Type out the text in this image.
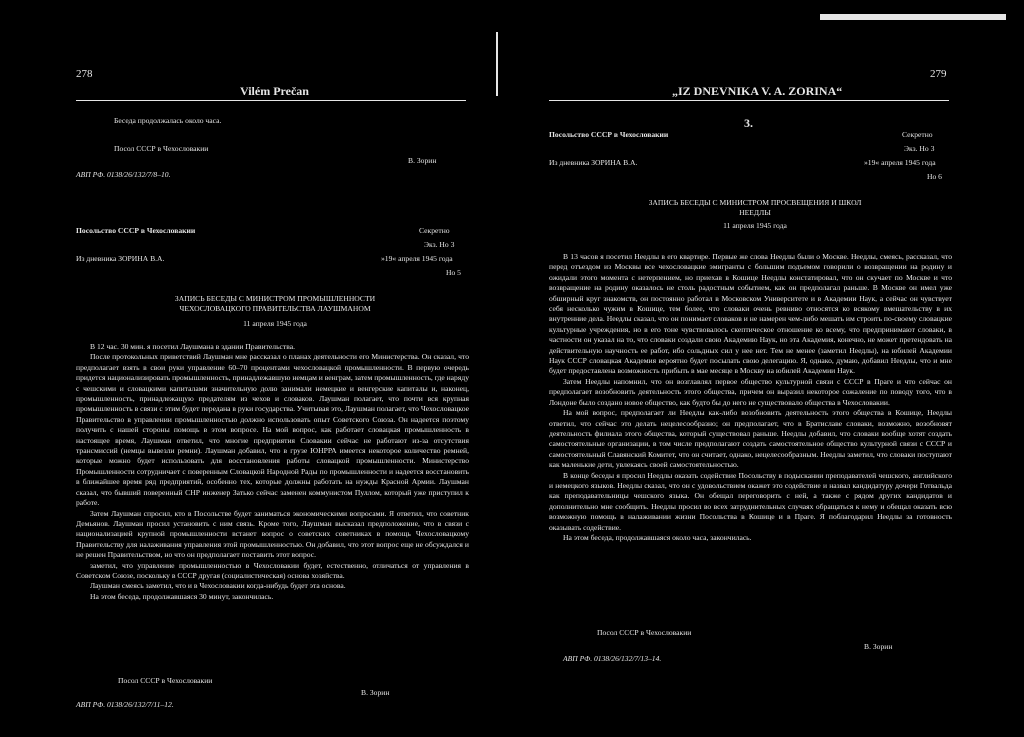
278
Vilém Prečan
Беседа продолжалась около часа.
Посол СССР в Чехословакии
В. Зорин
АВП РФ. 0138/26/132/7/8–10.
Посольство СССР в Чехословакии	Секретно
Экз. Но 3
Из дневника ЗОРИНА В.А.	»19« апреля 1945 года
Но 5
ЗАПИСЬ БЕСЕДЫ С МИНИСТРОМ ПРОМЫШЛЕННОСТИ
ЧЕХОСЛОВАЦКОГО ПРАВИТЕЛЬСТВА ЛАУШМАНОМ
11 апреля 1945 года

В 12 час. 30 мин. я посетил Лаушмана в здании Правительства.

После протокольных приветствий Лаушман мне рассказал о планах деятельности его Министерства. Он сказал, что предполагает взять в свои руки управление 60–70 процентами чехословацкой промышленности. В первую очередь придется национализировать промышленность, принадлежавшую немцам и венграм, затем промышленность, где наряду с чешскими и словацкими капиталами значительную долю занимали немецкие и венгерские капиталы и, наконец, промышленность, принадлежащую предателям из чехов и словаков. Лаушман полагает, что почти вся крупная промышленность в связи с этим будет передана в руки государства. Учитывая это, Лаушман полагает, что Чехословацкое Правительство в управлении промышленностью должно использовать опыт Советского Союза. Он надеется поэтому получить с нашей стороны помощь в этом вопросе. На мой вопрос, как работает словацкая промышленность в настоящее время, Лаушман ответил, что многие предприятия Словакии сейчас не работают из-за отсутствия трансмиссий (немцы вывезли ремни). Лаушман добавил, что в грузе ЮНРРА имеется некоторое количество ремней, которые можно будет использовать для восстановления работы словацкой промышленности. Министерство Промышленности сотрудничает с поверенным Словацкой Народной Рады по промышленности и надеется восстановить в ближайшее время ряд предприятий, особенно тех, которые должны работать на нужды Красной Армии. Лаушман сказал, что бывший поверенный СНР инженер Затько сейчас заменен коммунистом Пуллом, который уже приступил к работе.

Затем Лаушман спросил, кто в Посольстве будет заниматься экономическими вопросами. Я ответил, что советник Демьянов. Лаушман просил установить с ним связь. Кроме того, Лаушман высказал предположение, что в связи с национализацией крупной промышленности встанет вопрос о советских советниках в помощь Чехословацкому Правительству для налаживания управления этой промышленностью. Он добавил, что этот вопрос еще не обсуждался и не решен Правительством, но что он предполагает поставить этот вопрос.

заметил, что управление промышленностью в Чехословакии будет, естественно, отличаться от управления в Советском Союзе, поскольку в СССР другая (социалистическая) основа хозяйства.

Лаушман смеясь заметил, что и в Чехословакии когда-нибудь будет эта основа.

На этом беседа, продолжавшаяся 30 минут, закончилась.

Посол СССР в Чехословакии
В. Зорин
АВП РФ. 0138/26/132/7/11–12.
279
„IZ DNEVNIKA V. A. ZORINA“
Посольство СССР в Чехословакии
3.
Секретно
Экз. Но 3
Из дневника ЗОРИНА В.А.	»19« апреля 1945 года
Но 6
ЗАПИСЬ БЕСЕДЫ С МИНИСТРОМ ПРОСВЕЩЕНИЯ И ШКОЛ
НЕЕДЛЫ
11 апреля 1945 года

В 13 часов я посетил Неедлы в его квартире. Первые же слова Неедлы были о Москве. Неедлы, смеясь, рассказал, что перед отъездом из Москвы все чехословацкие эмигранты с большим подъемом говорили о возвращении на родину и ожидали этого момента с нетерпением, но приехав в Кошице Неедлы констатировал, что он скучает по Москве и что возвращение на родину оказалось не столь радостным событием, как он предполагал раньше. В Москве он имел уже обширный круг знакомств, он постоянно работал в Московском Университете и в Академии Наук, а сейчас он чувствует себя несколько чужим в Кошице, тем более, что словаки очень ревниво относятся ко всякому вмешательству в их внутренние дела. Неедлы сказал, что он понимает словаков и не намерен чем-либо мешать им строить по-своему словацкие культурные учреждения, но в его тоне чувствовалось скептическое отношение ко всему, что предпринимают словаки, в частности он указал на то, что словаки создали свою Академию Наук, но эта Академия, конечно, не может претендовать на действительную научность ее работ, ибо сольдных сил у нее нет. Тем не менее (заметил Неедлы), на юбилей Академии Наук СССР словацкая Академия вероятно будет посылать свою делегацию. Я, однако, думаю, добавил Неедлы, что и мне будет предоставлена возможность прибыть в мае месяце в Москву на юбилей Академии Наук.

Затем Неедлы напомнил, что он возглавлял первое общество культурной связи с СССР в Праге и что сейчас он предполагает возобновить деятельность этого общества, причем он выразил некоторое сожаление по поводу того, что в Лондоне было создано новое общество, как будто бы до него не существовало общества в Чехословакии.

На мой вопрос, предполагает ли Неедлы как-либо возобновить деятельность этого общества в Кошице, Неедлы ответил, что сейчас это делать нецелесообразно; он предполагает, что в Братиславе словаки, возможно, возобновят деятельность филиала этого общества, который существовал раньше. Неедлы добавил, что словаки вообще хотят создать самостоятельные организации, в том числе предполагают создать самостоятельное общество культурной связи с СССР и самостоятельный Славянский Комитет, что он считает, однако, нецелесообразным. Неедлы заметил, что словаки поступают как маленькие дети, увлекаясь своей самостоятельностью.

В конце беседы я просил Неедлы оказать содействие Посольству в подыскании преподавателей чешского, английского и немецкого языков. Неедлы сказал, что он с удовольствием окажет это содействие и назвал кандидатуру дочери Готвальда как преподавательницы чешского языка. Он обещал переговорить с ней, а также с рядом других кандидатов и дополнительно мне сообщить. Неедлы просил во всех затруднительных случаях обращаться к нему и обещал оказать всю возможную помощь в налаживании жизни Посольства в Кошице и в Праге. Я поблагодарил Неедлы за готовность оказывать содействие.

На этом беседа, продолжавшаяся около часа, закончилась.

Посол СССР в Чехословакии
В. Зорин
АВП РФ. 0138/26/132/7/13–14.
